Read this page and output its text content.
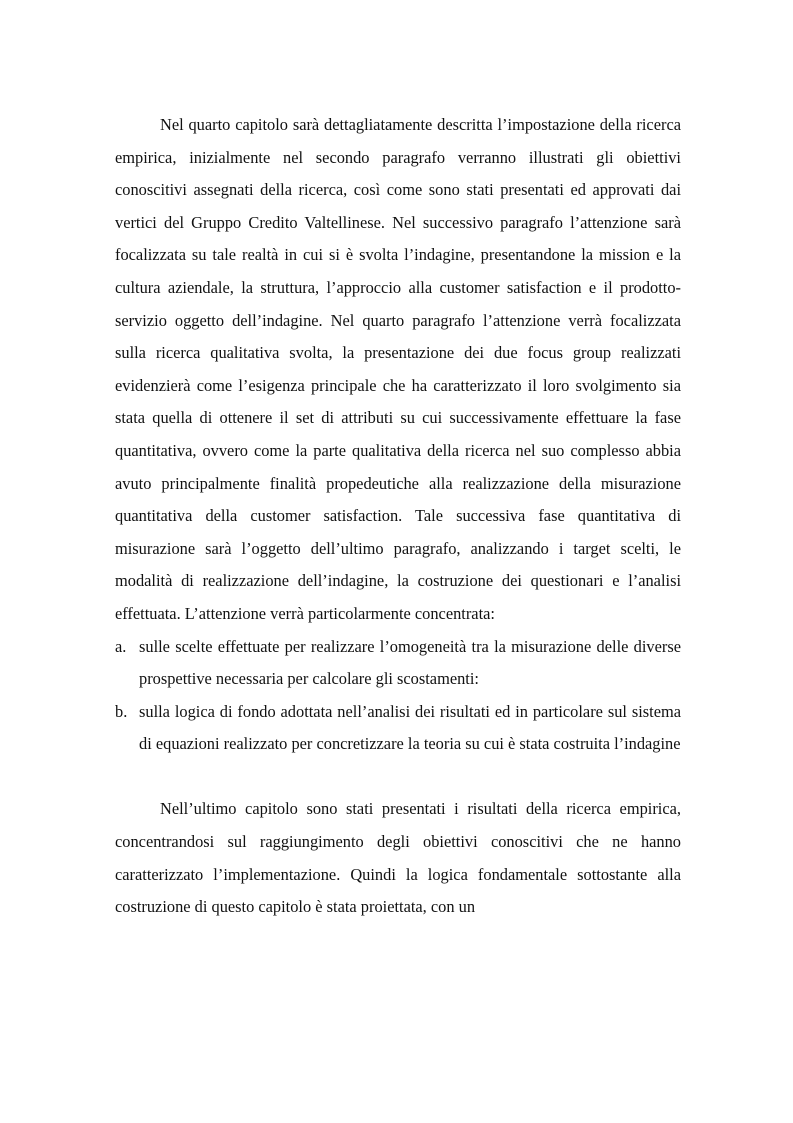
Nel quarto capitolo sarà dettagliatamente descritta l’impostazione della ricerca empirica, inizialmente nel secondo paragrafo verranno illustrati gli obiettivi conoscitivi assegnati della ricerca, così come sono stati presentati ed approvati dai vertici del Gruppo Credito Valtellinese. Nel successivo paragrafo l’attenzione sarà focalizzata su tale realtà in cui si è svolta l’indagine, presentandone la mission e la cultura aziendale, la struttura, l’approccio alla customer satisfaction e il prodotto-servizio oggetto dell’indagine. Nel quarto paragrafo l’attenzione verrà focalizzata sulla ricerca qualitativa svolta, la presentazione dei due focus group realizzati evidenzierà come l’esigenza principale che ha caratterizzato il loro svolgimento sia stata quella di ottenere il set di attributi su cui successivamente effettuare la fase quantitativa, ovvero come la parte qualitativa della ricerca nel suo complesso abbia avuto principalmente finalità propedeutiche alla realizzazione della misurazione quantitativa della customer satisfaction. Tale successiva fase quantitativa di misurazione sarà l’oggetto dell’ultimo paragrafo, analizzando i target scelti, le modalità di realizzazione dell’indagine, la costruzione dei questionari e l’analisi effettuata. L’attenzione verrà particolarmente concentrata:

a. sulle scelte effettuate per realizzare l’omogeneità tra la misurazione delle diverse prospettive necessaria per calcolare gli scostamenti:
b. sulla logica di fondo adottata nell’analisi dei risultati ed in particolare sul sistema di equazioni realizzato per concretizzare la teoria su cui è stata costruita l’indagine

Nell’ultimo capitolo sono stati presentati i risultati della ricerca empirica, concentrandosi sul raggiungimento degli obiettivi conoscitivi che ne hanno caratterizzato l’implementazione. Quindi la logica fondamentale sottostante alla costruzione di questo capitolo è stata proiettata, con un
